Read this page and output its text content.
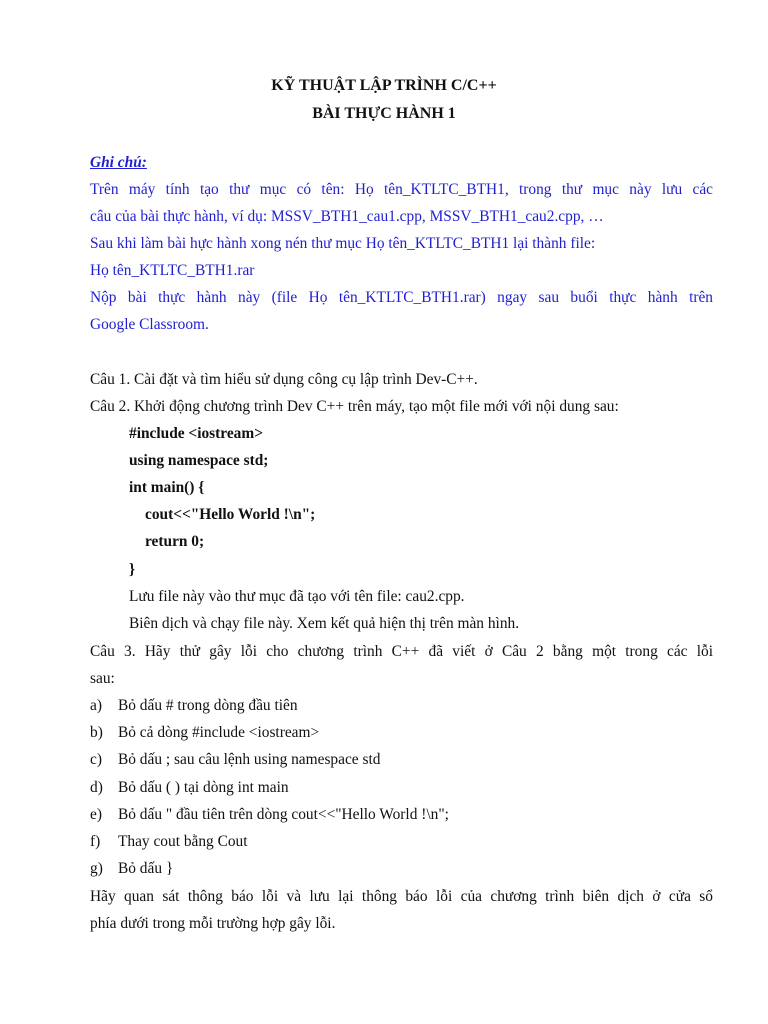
KỸ THUẬT LẬP TRÌNH C/C++
BÀI THỰC HÀNH 1
Ghi chú:
Trên máy tính tạo thư mục có tên: Họ tên_KTLTC_BTH1, trong thư mục này lưu các
câu của bài thực hành, ví dụ: MSSV_BTH1_cau1.cpp, MSSV_BTH1_cau2.cpp, …
Sau khi làm bài hực hành xong nén thư mục Họ tên_KTLTC_BTH1 lại thành file:
Họ tên_KTLTC_BTH1.rar
Nộp bài thực hành này (file Họ tên_KTLTC_BTH1.rar) ngay sau buổi thực hành trên
Google Classroom.
Câu 1. Cài đặt và tìm hiểu sử dụng công cụ lập trình Dev-C++.
Câu 2. Khởi động chương trình Dev C++ trên máy, tạo một file mới với nội dung sau:
#include <iostream>
using namespace std;
int main() {
cout<<"Hello World !\n";
return 0;
}
Lưu file này vào thư mục đã tạo với tên file: cau2.cpp.
Biên dịch và chạy file này. Xem kết quả hiện thị trên màn hình.
Câu 3. Hãy thử gây lỗi cho chương trình C++ đã viết ở Câu 2 bằng một trong các lỗi
sau:
a) Bỏ dấu # trong dòng đầu tiên
b) Bỏ cả dòng #include <iostream>
c) Bỏ dấu ; sau câu lệnh using namespace std
d) Bỏ dấu ( ) tại dòng int main
e) Bỏ dấu " đầu tiên trên dòng cout<<"Hello World !\n";
f) Thay cout bằng Cout
g) Bỏ dấu }
Hãy quan sát thông báo lỗi và lưu lại thông báo lỗi của chương trình biên dịch ở cửa sổ
phía dưới trong mỗi trường hợp gây lỗi.
